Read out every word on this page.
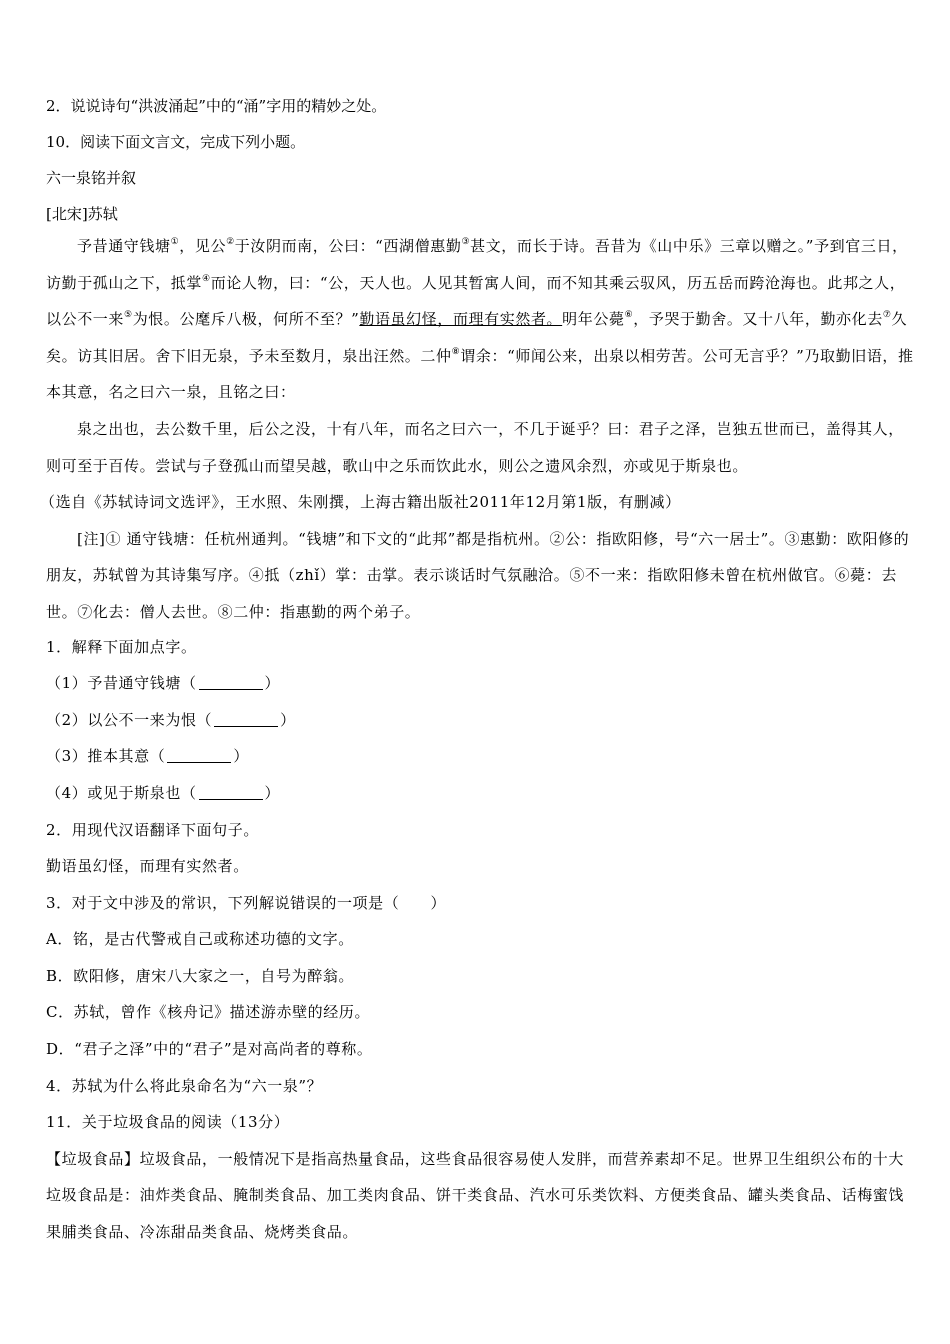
2．说说诗句“洪波涌起”中的“涌”字用的精妙之处。
10．阅读下面文言文，完成下列小题。
六一泉铭并叙
[北宋]苏轼
予昔通守钱塘①，见公②于汝阴而南，公曰：“西湖僧惠勤③甚文，而长于诗。吾昔为《山中乐》三章以赠之。”予到官三日，访勤于孤山之下，抵掌④而论人物，曰：“公，天人也。人见其暂寓人间，而不知其乘云驭风，历五岳而跨沧海也。此邦之人，以公不一来⑤为恨。公麾斥八极，何所不至？”勤语虽幻怪，而理有实然者。明年公薨⑥，予哭于勤舍。又十八年，勤亦化去⑦久矣。访其旧居。舍下旧无泉，予未至数月，泉出汪然。二仲⑧谓余：“师闻公来，出泉以相劳苦。公可无言乎？”乃取勤旧语，推本其意，名之曰六一泉，且铭之曰：
泉之出也，去公数千里，后公之没，十有八年，而名之曰六一，不几于诞乎？曰：君子之泽，岂独五世而已，盖得其人，则可至于百传。尝试与子登孤山而望吴越，歌山中之乐而饮此水，则公之遗风余烈，亦或见于斯泉也。
（选自《苏轼诗词文选评》，王水照、朱刚撰，上海古籍出版社2011年12月第1版，有删减）
[注]① 通守钱塘：任杭州通判。“钱塘”和下文的“此邦”都是指杭州。②公：指欧阳修，号“六一居士”。③惠勤：欧阳修的朋友，苏轼曾为其诗集写序。④抵（zhǐ）掌：击掌。表示谈话时气氛融洽。⑤不一来：指欧阳修未曾在杭州做官。⑥薨：去世。⑦化去：僧人去世。⑧二仲：指惠勤的两个弟子。
1．解释下面加点字。
（1）予昔通守钱塘（	）
（2）以公不一来为恨（	）
（3）推本其意（	）
（4）或见于斯泉也（	）
2．用现代汉语翻译下面句子。
勤语虽幻怪，而理有实然者。
3．对于文中涉及的常识，下列解说错误的一项是（　　）
A．铭，是古代警戒自己或称述功德的文字。
B．欧阳修，唐宋八大家之一，自号为醉翁。
C．苏轼，曾作《核舟记》描述游赤壁的经历。
D．“君子之泽”中的“君子”是对高尚者的尊称。
4．苏轼为什么将此泉命名为“六一泉”？
11．关于垃圾食品的阅读（13分）
【垃圾食品】垃圾食品，一般情况下是指高热量食品，这些食品很容易使人发胖，而营养素却不足。世界卫生组织公布的十大垃圾食品是：油炸类食品、腌制类食品、加工类肉食品、饼干类食品、汽水可乐类饮料、方便类食品、罐头类食品、话梅蜜饯果脯类食品、冷冻甜品类食品、烧烤类食品。
